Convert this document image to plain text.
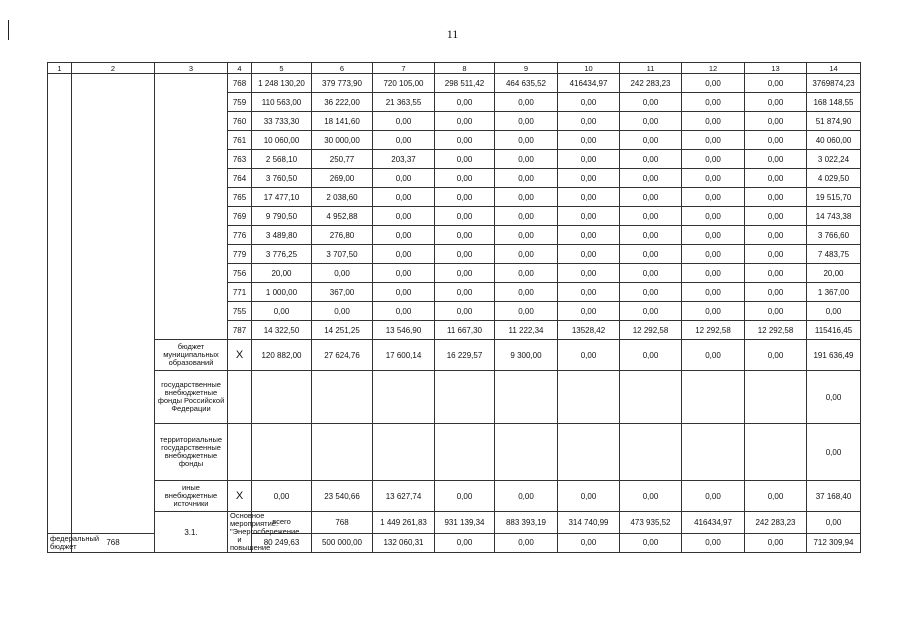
11
1	2	3	4	5	6	7	8	9	10	11	12	13	14	
			768	1 248 130,20	379 773,90	720 105,00	298 511,42	464 635,52	416434,97	242 283,23	0,00	0,00	3769874,23	
			759	110 563,00	36 222,00	21 363,55	0,00	0,00	0,00	0,00	0,00	0,00	168 148,55	
			760	33 733,30	18 141,60	0,00	0,00	0,00	0,00	0,00	0,00	0,00	51 874,90	
			761	10 060,00	30 000,00	0,00	0,00	0,00	0,00	0,00	0,00	0,00	40 060,00	
			763	2 568,10	250,77	203,37	0,00	0,00	0,00	0,00	0,00	0,00	3 022,24	
			764	3 760,50	269,00	0,00	0,00	0,00	0,00	0,00	0,00	0,00	4 029,50	
			765	17 477,10	2 038,60	0,00	0,00	0,00	0,00	0,00	0,00	0,00	19 515,70	
			769	9 790,50	4 952,88	0,00	0,00	0,00	0,00	0,00	0,00	0,00	14 743,38	
			776	3 489,80	276,80	0,00	0,00	0,00	0,00	0,00	0,00	0,00	3 766,60	
			779	3 776,25	3 707,50	0,00	0,00	0,00	0,00	0,00	0,00	0,00	7 483,75	
			756	20,00	0,00	0,00	0,00	0,00	0,00	0,00	0,00	0,00	20,00	
			771	1 000,00	367,00	0,00	0,00	0,00	0,00	0,00	0,00	0,00	1 367,00	
			755	0,00	0,00	0,00	0,00	0,00	0,00	0,00	0,00	0,00	0,00	
			787	14 322,50	14 251,25	13 546,90	11 667,30	11 222,34	13528,42	12 292,58	12 292,58	12 292,58	115416,45	
		бюджет муниципальных образований	X	120 882,00	27 624,76	17 600,14	16 229,57	9 300,00	0,00	0,00	0,00	0,00	191 636,49	
		государственные внебюджетные фонды Российской Федерации											0,00	
		территориальные государственные внебюджетные фонды											0,00	
		иные внебюджетные источники	X	0,00	23 540,66	13 627,74	0,00	0,00	0,00	0,00	0,00	0,00	37 168,40	
		3.1.	Основное мероприятие: "Энергосбережение и повышение	всего	768	1 449 261,83	931 139,34	883 393,19	314 740,99	473 935,52	416434,97	242 283,23	0,00		
федеральный бюджет	768			80 249,63	500 000,00	132 060,31	0,00	0,00	0,00	0,00	0,00	0,00	712 309,94	
